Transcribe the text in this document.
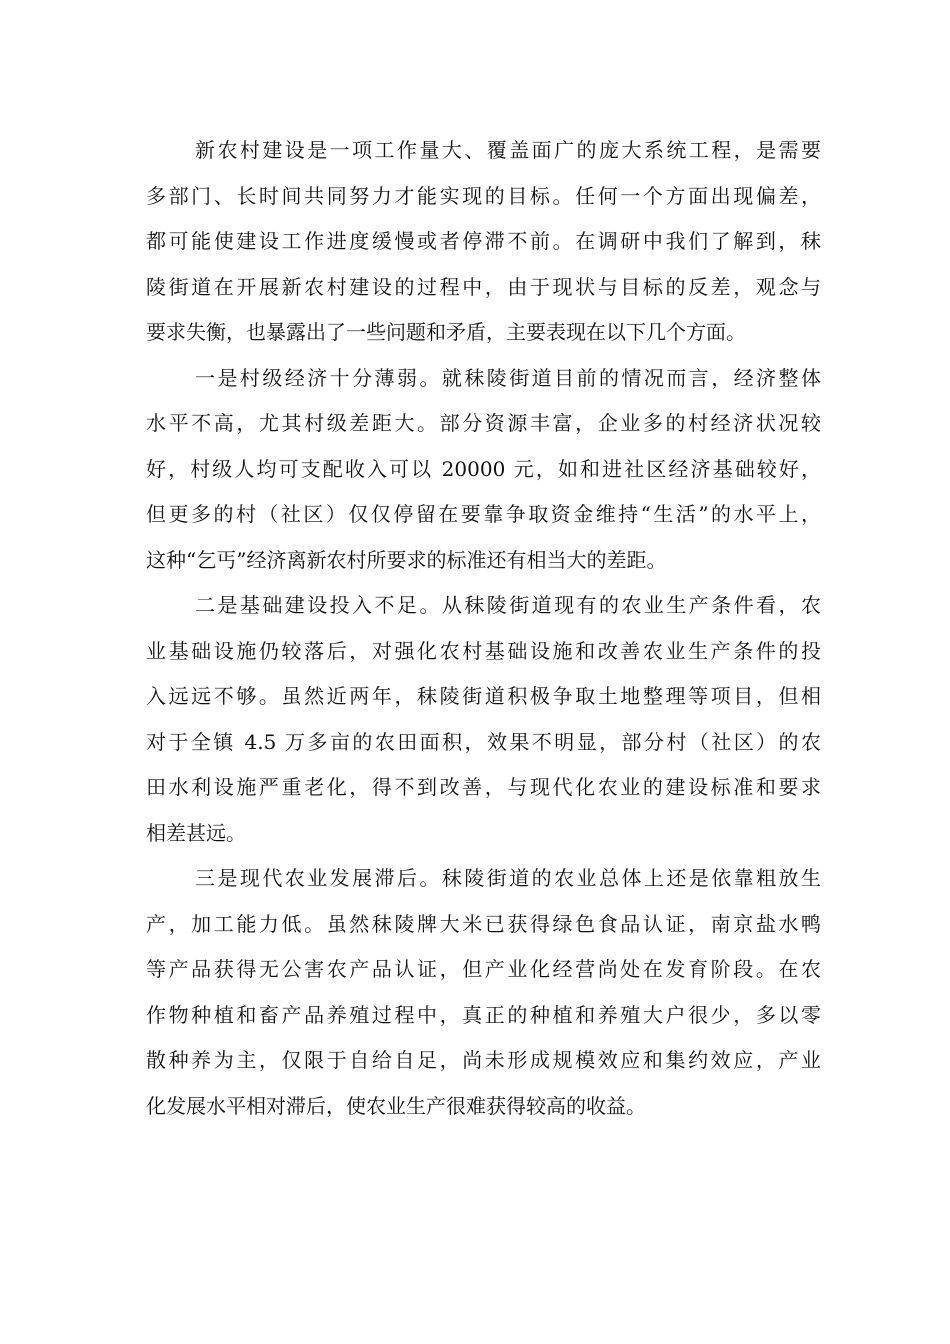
新农村建设是一项工作量大、覆盖面广的庞大系统工程，是需要
多部门、长时间共同努力才能实现的目标。任何一个方面出现偏差，
都可能使建设工作进度缓慢或者停滞不前。在调研中我们了解到，秣
陵街道在开展新农村建设的过程中，由于现状与目标的反差，观念与
要求失衡，也暴露出了一些问题和矛盾，主要表现在以下几个方面。
一是村级经济十分薄弱。就秣陵街道目前的情况而言，经济整体
水平不高，尤其村级差距大。部分资源丰富，企业多的村经济状况较
好，村级人均可支配收入可以 20000 元，如和进社区经济基础较好，
但更多的村（社区）仅仅停留在要靠争取资金维持“生活”的水平上，
这种“乞丐”经济离新农村所要求的标准还有相当大的差距。
二是基础建设投入不足。从秣陵街道现有的农业生产条件看，农
业基础设施仍较落后，对强化农村基础设施和改善农业生产条件的投
入远远不够。虽然近两年，秣陵街道积极争取土地整理等项目，但相
对于全镇 4.5 万多亩的农田面积，效果不明显，部分村（社区）的农
田水利设施严重老化，得不到改善，与现代化农业的建设标准和要求
相差甚远。
三是现代农业发展滞后。秣陵街道的农业总体上还是依靠粗放生
产，加工能力低。虽然秣陵牌大米已获得绿色食品认证，南京盐水鸭
等产品获得无公害农产品认证，但产业化经营尚处在发育阶段。在农
作物种植和畜产品养殖过程中，真正的种植和养殖大户很少，多以零
散种养为主，仅限于自给自足，尚未形成规模效应和集约效应，产业
化发展水平相对滞后，使农业生产很难获得较高的收益。
